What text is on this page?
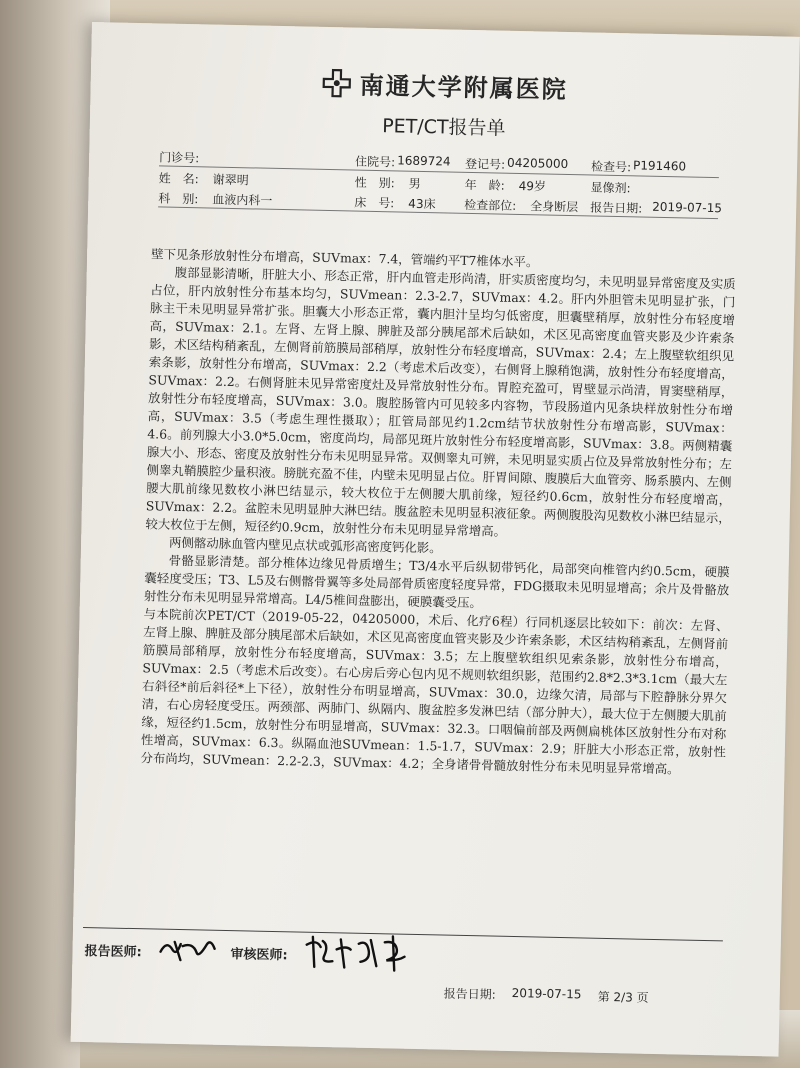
南通大学附属医院
PET/CT报告单
门诊号:	住院号: 1689724 登记号: 04205000 检查号: P191460
姓　名: 谢翠明	性　别: 男	年　龄: 49岁	显像剂:
科　别: 血液内科一	床　号: 43床 检查部位: 全身断层 报告日期: 2019-07-15

壁下见条形放射性分布增高，SUVmax：7.4，管端约平T7椎体水平。

腹部显影清晰，肝脏大小、形态正常，肝内血管走形尚清，肝实质密度均匀，未见明显异常密度及实质占位，肝内放射性分布基本均匀，SUVmean：2.3-2.7，SUVmax：4.2。肝内外胆管未见明显扩张，门脉主干未见明显异常扩张。胆囊大小形态正常，囊内胆汁呈均匀低密度，胆囊壁稍厚，放射性分布轻度增高，SUVmax：2.1。左肾、左肾上腺、脾脏及部分胰尾部术后缺如，术区见高密度血管夹影及少许索条影，术区结构稍紊乱，左侧肾前筋膜局部稍厚，放射性分布轻度增高，SUVmax：2.4；左上腹壁软组织见索条影，放射性分布增高，SUVmax：2.2（考虑术后改变），右侧肾上腺稍饱满，放射性分布轻度增高，SUVmax：2.2。右侧肾脏未见异常密度灶及异常放射性分布。胃腔充盈可，胃壁显示尚清，胃窦壁稍厚，放射性分布轻度增高，SUVmax：3.0。腹腔肠管内可见较多内容物，节段肠道内见条块样放射性分布增高，SUVmax：3.5（考虑生理性摄取）；肛管局部见约1.2cm结节状放射性分布增高影，SUVmax：4.6。前列腺大小3.0*5.0cm，密度尚均，局部见斑片放射性分布轻度增高影，SUVmax：3.8。两侧精囊腺大小、形态、密度及放射性分布未见明显异常。双侧睾丸可辨，未见明显实质占位及异常放射性分布；左侧睾丸鞘膜腔少量积液。膀胱充盈不佳，内壁未见明显占位。肝胃间隙、腹膜后大血管旁、肠系膜内、左侧腰大肌前缘见数枚小淋巴结显示，较大枚位于左侧腰大肌前缘，短径约0.6cm，放射性分布轻度增高，SUVmax：2.2。盆腔未见明显肿大淋巴结。腹盆腔未见明显积液征象。两侧腹股沟见数枚小淋巴结显示，较大枚位于左侧，短径约0.9cm，放射性分布未见明显异常增高。

两侧髂动脉血管内壁见点状或弧形高密度钙化影。

骨骼显影清楚。部分椎体边缘见骨质增生；T3/4水平后纵韧带钙化，局部突向椎管内约0.5cm，硬膜囊轻度受压；T3、L5及右侧髂骨翼等多处局部骨质密度轻度异常，FDG摄取未见明显增高；余片及骨骼放射性分布未见明显异常增高。L4/5椎间盘膨出，硬膜囊受压。

与本院前次PET/CT（2019-05-22，04205000，术后、化疗6程）行同机逐层比较如下：前次：左肾、左肾上腺、脾脏及部分胰尾部术后缺如，术区见高密度血管夹影及少许索条影，术区结构稍紊乱，左侧肾前筋膜局部稍厚，放射性分布轻度增高，SUVmax：3.5；左上腹壁软组织见索条影，放射性分布增高，SUVmax：2.5（考虑术后改变）。右心房后旁心包内见不规则软组织影，范围约2.8*2.3*3.1cm（最大左右斜径*前后斜径*上下径），放射性分布明显增高，SUVmax：30.0，边缘欠清，局部与下腔静脉分界欠清，右心房轻度受压。两颈部、两肺门、纵隔内、腹盆腔多发淋巴结（部分肿大），最大位于左侧腰大肌前缘，短径约1.5cm，放射性分布明显增高，SUVmax：32.3。口咽偏前部及两侧扁桃体区放射性分布对称性增高，SUVmax：6.3。纵隔血池SUVmean：1.5-1.7，SUVmax：2.9；肝脏大小形态正常，放射性分布尚均，SUVmean：2.2-2.3，SUVmax：4.2；全身诸骨骨髓放射性分布未见明显异常增高。

报告医师:	审核医师:
报告日期: 2019-07-15 第 2/3 页
